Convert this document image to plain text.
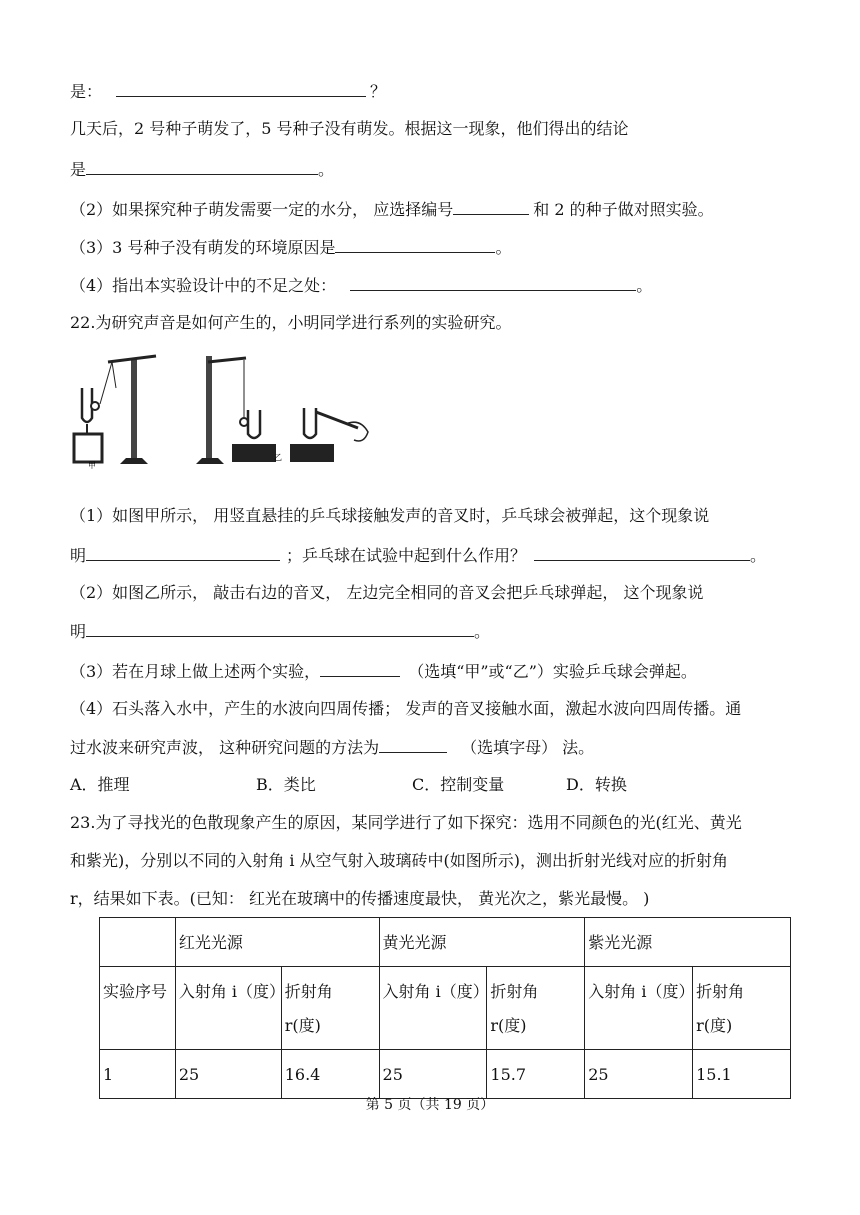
是：	？
几天后，2 号种子萌发了，5 号种子没有萌发。根据这一现象，他们得出的结论
是	。
（2）如果探究种子萌发需要一定的水分， 应选择编号	和 2 的种子做对照实验。
（3）3 号种子没有萌发的环境原因是	。
（4）指出本实验设计中的不足之处：	。
22.为研究声音是如何产生的，小明同学进行系列的实验研究。
甲
乙
（1）如图甲所示， 用竖直悬挂的乒乓球接触发声的音叉时，乒乓球会被弹起，这个现象说
明	；乒乓球在试验中起到什么作用？	。
（2）如图乙所示， 敲击右边的音叉， 左边完全相同的音叉会把乒乓球弹起， 这个现象说
明	。
（3）若在月球上做上述两个实验，	（选填“甲”或“乙”）实验乒乓球会弹起。
（4）石头落入水中，产生的水波向四周传播； 发声的音叉接触水面，激起水波向四周传播。通
过水波来研究声波， 这种研究问题的方法为	（选填字母） 法。
A．推理	B．类比	C．控制变量	D．转换
23.为了寻找光的色散现象产生的原因，某同学进行了如下探究：选用不同颜色的光(红光、黄光
和紫光)，分别以不同的入射角 i 从空气射入玻璃砖中(如图所示)，测出折射光线对应的折射角
r，结果如下表。(已知： 红光在玻璃中的传播速度最快， 黄光次之，紫光最慢。 )
	红光光源		黄光光源		紫光光源	
实验序号	入射角 i（度）	折射角
r(度)	入射角 i（度）	折射角
r(度)	入射角 i（度）	折射角
r(度)
1	25	16.4	25	15.7	25	15.1
第 5 页（共 19 页）
